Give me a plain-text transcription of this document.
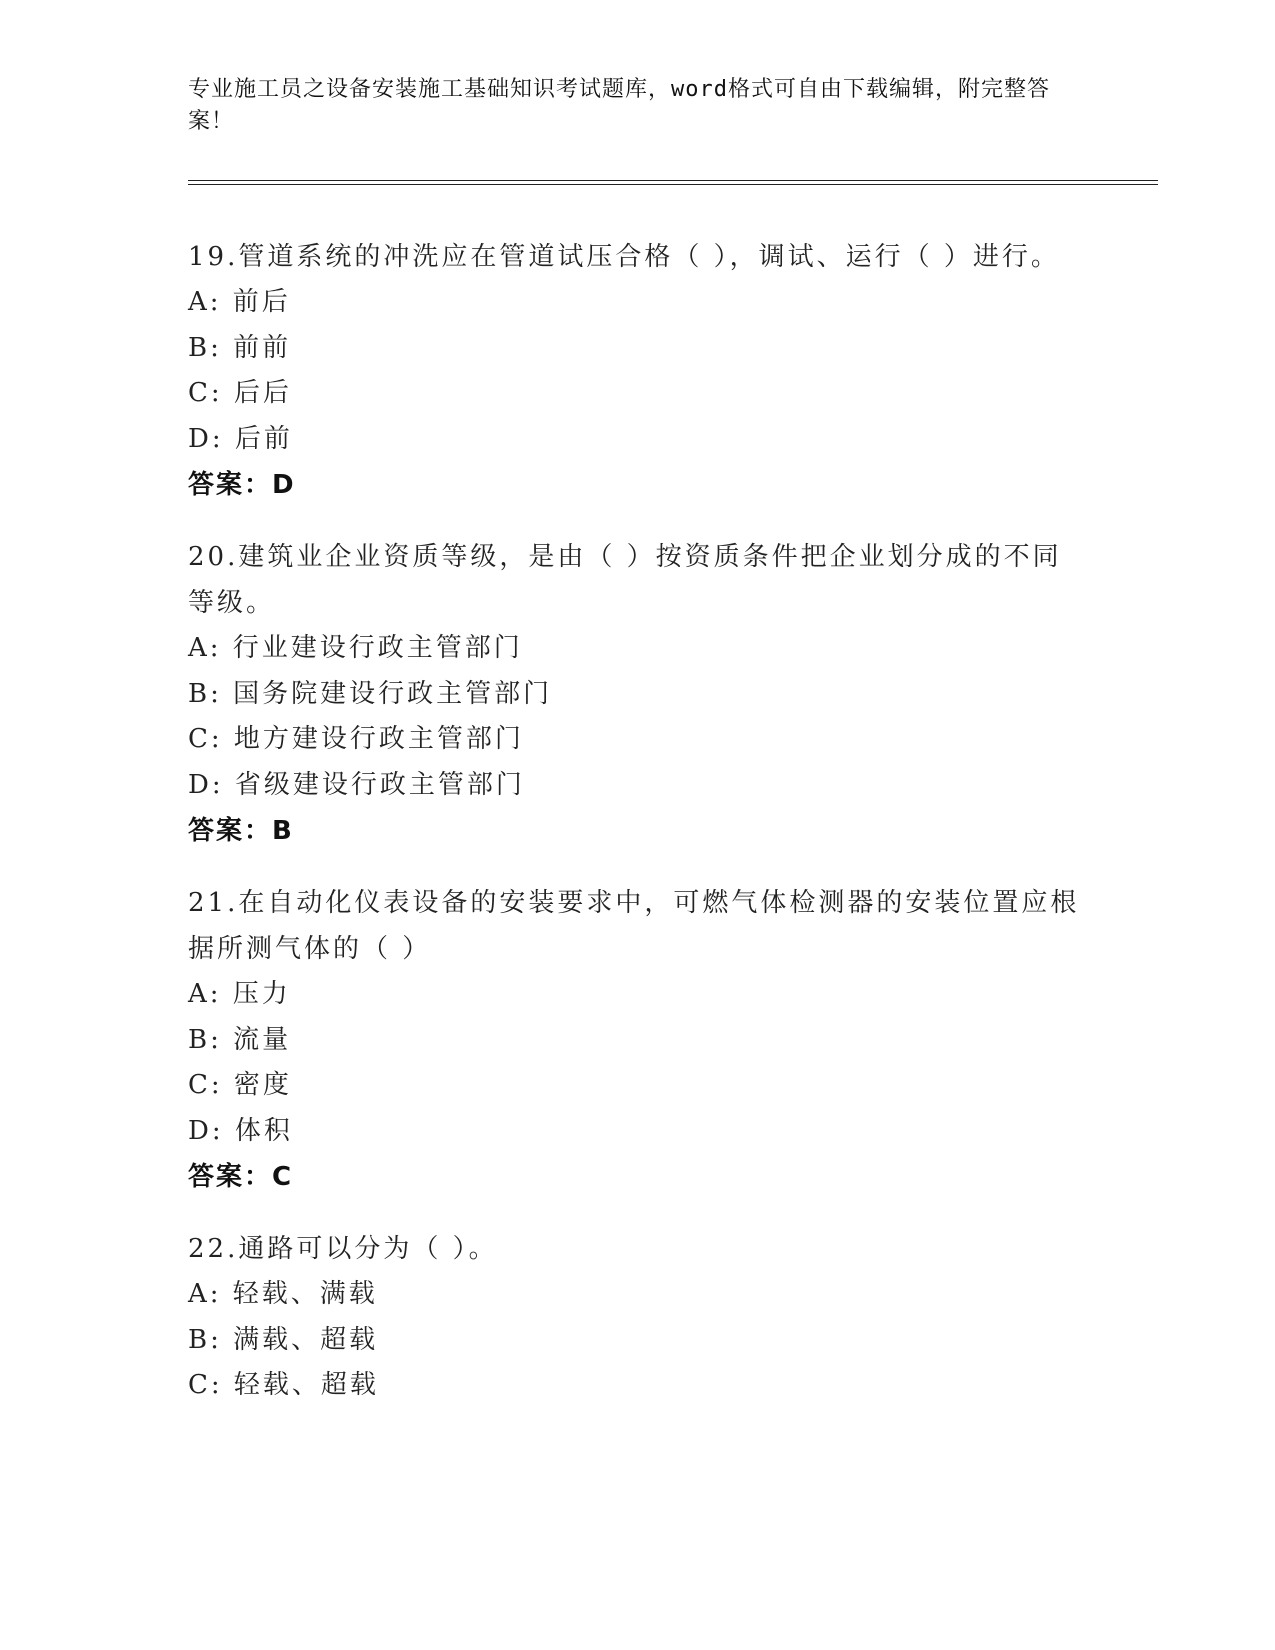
专业施工员之设备安装施工基础知识考试题库，word格式可自由下载编辑，附完整答案！
19.管道系统的冲洗应在管道试压合格（ ），调试、运行（ ）进行。
A: 前后
B: 前前
C: 后后
D: 后前
答案：D
20.建筑业企业资质等级，是由（ ）按资质条件把企业划分成的不同等级。
A: 行业建设行政主管部门
B: 国务院建设行政主管部门
C: 地方建设行政主管部门
D: 省级建设行政主管部门
答案：B
21.在自动化仪表设备的安装要求中，可燃气体检测器的安装位置应根据所测气体的（ ）
A: 压力
B: 流量
C: 密度
D: 体积
答案：C
22.通路可以分为（ ）。
A: 轻载、满载
B: 满载、超载
C: 轻载、超载
